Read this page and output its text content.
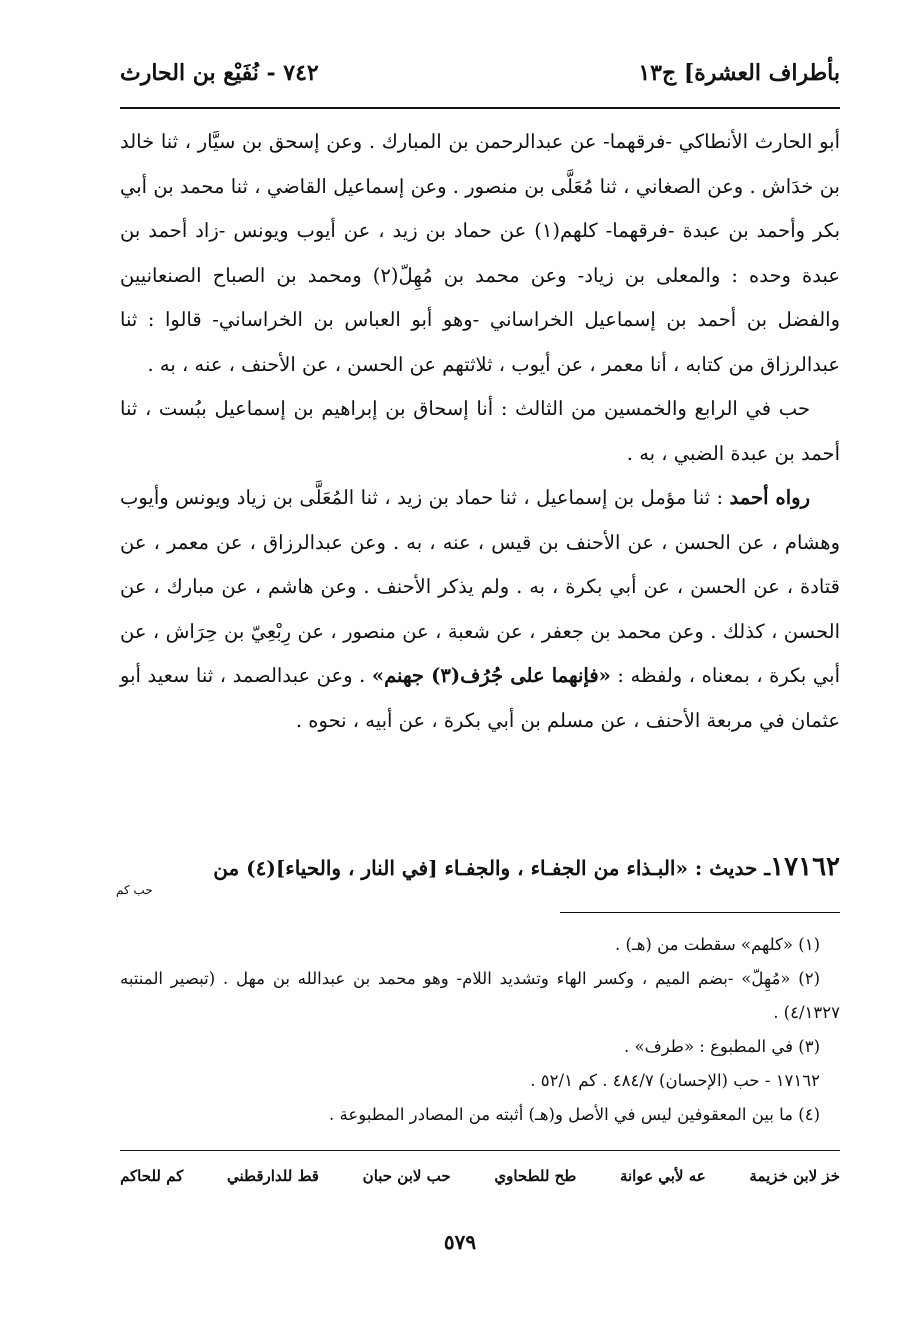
بأطراف العشرة] ج١٣
٧٤٢ - نُفَيْع بن الحارث

أبو الحارث الأنطاكي -فرقهما- عن عبدالرحمن بن المبارك . وعن إسحق بن سيَّار ، ثنا خالد بن خدَاش . وعن الصغاني ، ثنا مُعَلَّى بن منصور . وعن إسماعيل القاضي ، ثنا محمد بن أبي بكر وأحمد بن عبدة -فرقهما- كلهم(١) عن حماد بن زيد ، عن أيوب ويونس -زاد أحمد بن عبدة وحده : والمعلى بن زياد- وعن محمد بن مُهِلّ(٢) ومحمد بن الصباح الصنعانيين والفضل بن أحمد بن إسماعيل الخراساني -وهو أبو العباس بن الخراساني- قالوا : ثنا عبدالرزاق من كتابه ، أنا معمر ، عن أيوب ، ثلاثتهم عن الحسن ، عن الأحنف ، عنه ، به .

حب في الرابع والخمسين من الثالث : أنا إسحاق بن إبراهيم بن إسماعيل ببُست ، ثنا أحمد بن عبدة الضبي ، به .

رواه أحمد : ثنا مؤمل بن إسماعيل ، ثنا حماد بن زيد ، ثنا المُعَلَّى بن زياد ويونس وأيوب وهشام ، عن الحسن ، عن الأحنف بن قيس ، عنه ، به . وعن عبدالرزاق ، عن معمر ، عن قتادة ، عن الحسن ، عن أبي بكرة ، به . ولم يذكر الأحنف . وعن هاشم ، عن مبارك ، عن الحسن ، كذلك . وعن محمد بن جعفر ، عن شعبة ، عن منصور ، عن رِبْعِيّ بن حِرَاش ، عن أبي بكرة ، بمعناه ، ولفظه : «فإنهما على جُرُف(٣) جهنم» . وعن عبدالصمد ، ثنا سعيد أبو عثمان في مربعة الأحنف ، عن مسلم بن أبي بكرة ، عن أبيه ، نحوه .

١٧١٦٢ـ حديث : «البـذاء من الجفـاء ، والجفـاء [في النار ، والحياء](٤) من
حب كم

(١) «كلهم» سقطت من (هـ) .

(٢) «مُهِلّ» -بضم الميم ، وكسر الهاء وتشديد اللام- وهو محمد بن عبدالله بن مهل . (تبصير المنتبه ٤/١٣٢٧) .

(٣) في المطبوع : «طرف» .

١٧١٦٢ - حب (الإحسان) ٤٨٤/٧ . كم ٥٢/١ .

(٤) ما بين المعقوفين ليس في الأصل و(هـ) أثبته من المصادر المطبوعة .

خز لابن خزيمة
عه لأبي عوانة
طح للطحاوي
حب لابن حبان
قط للدارقطني
كم للحاكم
٥٧٩
